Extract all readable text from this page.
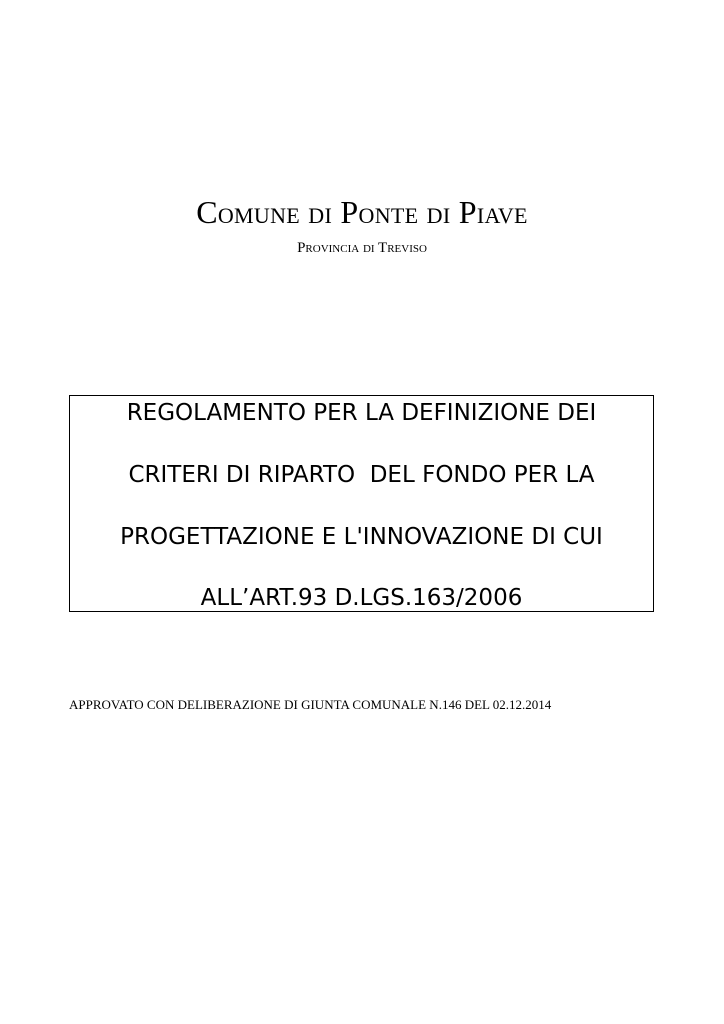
Comune di Ponte di Piave
Provincia di Treviso
REGOLAMENTO PER LA DEFINIZIONE DEI
CRITERI DI RIPARTO  DEL FONDO PER LA
PROGETTAZIONE E L'INNOVAZIONE DI CUI
ALL’ART.93 D.LGS.163/2006
APPROVATO CON DELIBERAZIONE DI GIUNTA COMUNALE N.146 DEL 02.12.2014
